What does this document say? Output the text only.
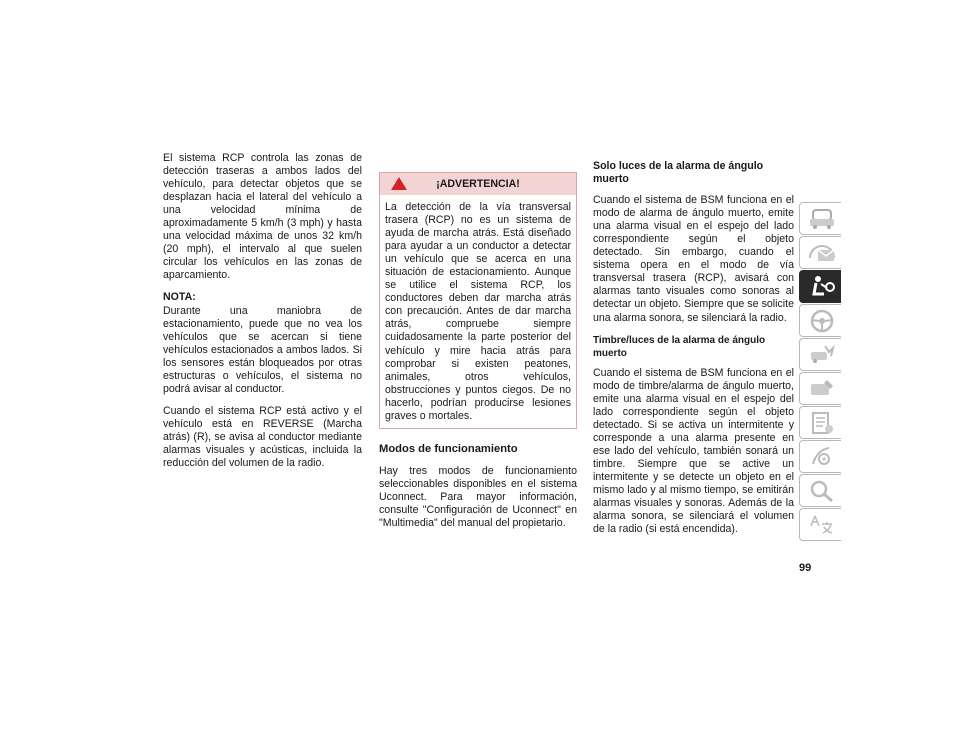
El sistema RCP controla las zonas de detección traseras a ambos lados del vehículo, para detectar objetos que se desplazan hacia el lateral del vehículo a una velocidad mínima de aproximadamente 5 km/h (3 mph) y hasta una velocidad máxima de unos 32 km/h (20 mph), el intervalo al que suelen circular los vehículos en las zonas de aparcamiento.

NOTA:

Durante una maniobra de estacionamiento, puede que no vea los vehículos que se acercan si tiene vehículos estacionados a ambos lados. Si los sensores están bloqueados por otras estructuras o vehículos, el sistema no podrá avisar al conductor.

Cuando el sistema RCP está activo y el vehículo está en REVERSE (Marcha atrás) (R), se avisa al conductor mediante alarmas visuales y acústicas, incluida la reducción del volumen de la radio.

¡ADVERTENCIA!

La detección de la vía transversal trasera (RCP) no es un sistema de ayuda de marcha atrás. Está diseñado para ayudar a un conductor a detectar un vehículo que se acerca en una situación de estacionamiento. Aunque se utilice el sistema RCP, los conductores deben dar marcha atrás con precaución. Antes de dar marcha atrás, compruebe siempre cuidadosamente la parte posterior del vehículo y mire hacia atrás para comprobar si existen peatones, animales, otros vehículos, obstrucciones y puntos ciegos. De no hacerlo, podrían producirse lesiones graves o mortales.

Modos de funcionamiento

Hay tres modos de funcionamiento seleccionables disponibles en el sistema Uconnect. Para mayor información, consulte "Configuración de Uconnect" en "Multimedia" del manual del propietario.

Solo luces de la alarma de ángulo muerto

Cuando el sistema de BSM funciona en el modo de alarma de ángulo muerto, emite una alarma visual en el espejo del lado correspondiente según el objeto detectado. Sin embargo, cuando el sistema opera en el modo de vía transversal trasera (RCP), avisará con alarmas tanto visuales como sonoras al detectar un objeto. Siempre que se solicite una alarma sonora, se silenciará la radio.

Timbre/luces de la alarma de ángulo muerto

Cuando el sistema de BSM funciona en el modo de timbre/alarma de ángulo muerto, emite una alarma visual en el espejo del lado correspondiente según el objeto detectado. Si se activa un intermitente y corresponde a una alarma presente en ese lado del vehículo, también sonará un timbre. Siempre que se active un intermitente y se detecte un objeto en el mismo lado y al mismo tiempo, se emitirán alarmas visuales y sonoras. Además de la alarma sonora, se silenciará el volumen de la radio (si está encendida).

99
